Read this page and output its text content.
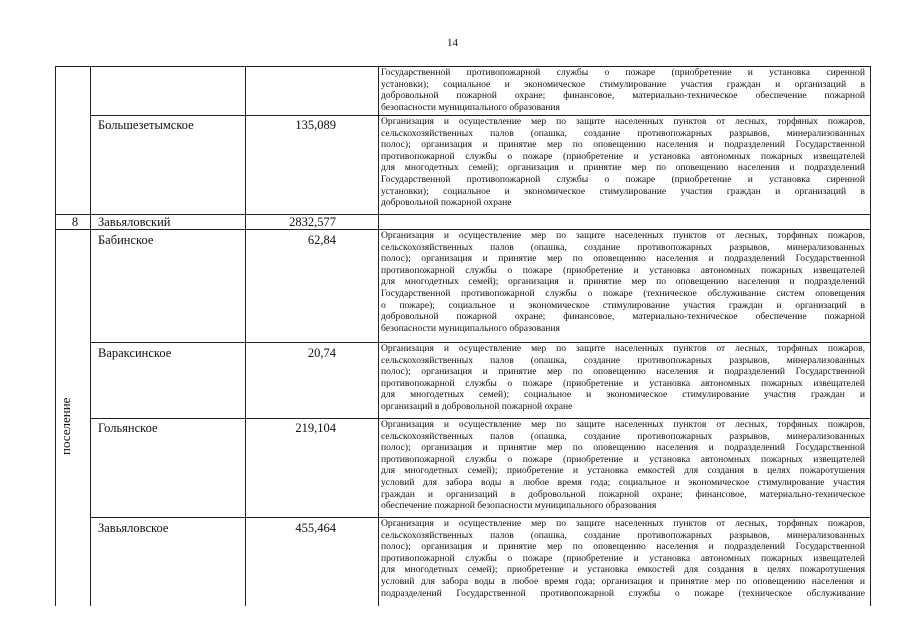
14
поселение
Государственной противопожарной службы о пожаре (приобретение и установка сиренной
установки); социальное и экономическое стимулирование участия граждан и организаций в
добровольной пожарной охране; финансовое, материально-техническое обеспечение пожарной
безопасности муниципального образования
Большезетымское	135,089	Организация и осуществление мер по защите населенных пунктов от лесных, торфяных пожаров,
сельскохозяйственных палов (опашка, создание противопожарных разрывов, минерализованных
полос); организация и принятие мер по оповещению населения и подразделений Государственной
противопожарной службы о пожаре (приобретение и установка автономных пожарных извещателей
для многодетных семей); организация и принятие мер по оповещению населения и подразделений
Государственной противопожарной службы о пожаре (приобретение и установка сиренной
установки); социальное и экономическое стимулирование участия граждан и организаций в
добровольной пожарной охране
8	Завьяловский	2832,577
Бабинское	62,84	Организация и осуществление мер по защите населенных пунктов от лесных, торфяных пожаров,
сельскохозяйственных палов (опашка, создание противопожарных разрывов, минерализованных
полос); организация и принятие мер по оповещению населения и подразделений Государственной
противопожарной службы о пожаре (приобретение и установка автономных пожарных извещателей
для многодетных семей); организация и принятие мер по оповещению населения и подразделений
Государственной противопожарной службы о пожаре (техническое обслуживание систем оповещения
о пожаре); социальное и экономическое стимулирование участия граждан и организаций в
добровольной пожарной охране; финансовое, материально-техническое обеспечение пожарной
безопасности муниципального образования
Вараксинское	20,74	Организация и осуществление мер по защите населенных пунктов от лесных, торфяных пожаров,
сельскохозяйственных палов (опашка, создание противопожарных разрывов, минерализованных
полос); организация и принятие мер по оповещению населения и подразделений Государственной
противопожарной службы о пожаре (приобретение и установка автономных пожарных извещателей
для многодетных семей); социальное и экономическое стимулирование участия граждан и
организаций в добровольной пожарной охране
Гольянское	219,104	Организация и осуществление мер по защите населенных пунктов от лесных, торфяных пожаров,
сельскохозяйственных палов (опашка, создание противопожарных разрывов, минерализованных
полос); организация и принятие мер по оповещению населения и подразделений Государственной
противопожарной службы о пожаре (приобретение и установка автономных пожарных извещателей
для многодетных семей); приобретение и установка емкостей для создания в целях пожаротушения
условий для забора воды в любое время года; социальное и экономическое стимулирование участия
граждан и организаций в добровольной пожарной охране; финансовое, материально-техническое
обеспечение пожарной безопасности муниципального образования
Завьяловское	455,464	Организация и осуществление мер по защите населенных пунктов от лесных, торфяных пожаров,
сельскохозяйственных палов (опашка, создание противопожарных разрывов, минерализованных
полос); организация и принятие мер по оповещению населения и подразделений Государственной
противопожарной службы о пожаре (приобретение и установка автономных пожарных извещателей
для многодетных семей); приобретение и установка емкостей для создания в целях пожаротушения
условий для забора воды в любое время года; организация и принятие мер по оповещению населения и
подразделений Государственной противопожарной службы о пожаре (техническое обслуживание
